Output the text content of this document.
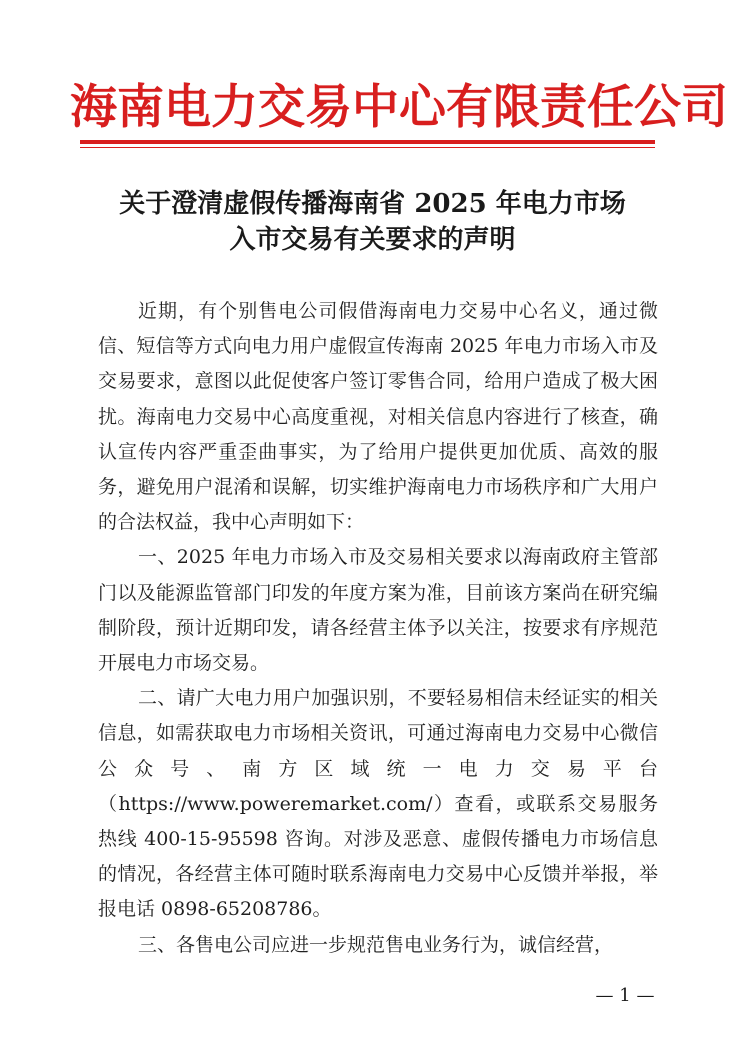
海南电力交易中心有限责任公司
关于澄清虚假传播海南省 2025 年电力市场
入市交易有关要求的声明

近期，有个别售电公司假借海南电力交易中心名义，通过微信、短信等方式向电力用户虚假宣传海南 2025 年电力市场入市及交易要求，意图以此促使客户签订零售合同，给用户造成了极大困扰。海南电力交易中心高度重视，对相关信息内容进行了核查，确认宣传内容严重歪曲事实，为了给用户提供更加优质、高效的服务，避免用户混淆和误解，切实维护海南电力市场秩序和广大用户的合法权益，我中心声明如下：

一、2025 年电力市场入市及交易相关要求以海南政府主管部门以及能源监管部门印发的年度方案为准，目前该方案尚在研究编制阶段，预计近期印发，请各经营主体予以关注，按要求有序规范开展电力市场交易。

二、请广大电力用户加强识别，不要轻易相信未经证实的相关信息，如需获取电力市场相关资讯，可通过海南电力交易中心微信公众号、南方区域统一电力交易平台（https://www.poweremarket.com/）查看，或联系交易服务热线 400-15-95598 咨询。对涉及恶意、虚假传播电力市场信息的情况，各经营主体可随时联系海南电力交易中心反馈并举报，举报电话 0898-65208786。

三、各售电公司应进一步规范售电业务行为，诚信经营，

— 1 —
